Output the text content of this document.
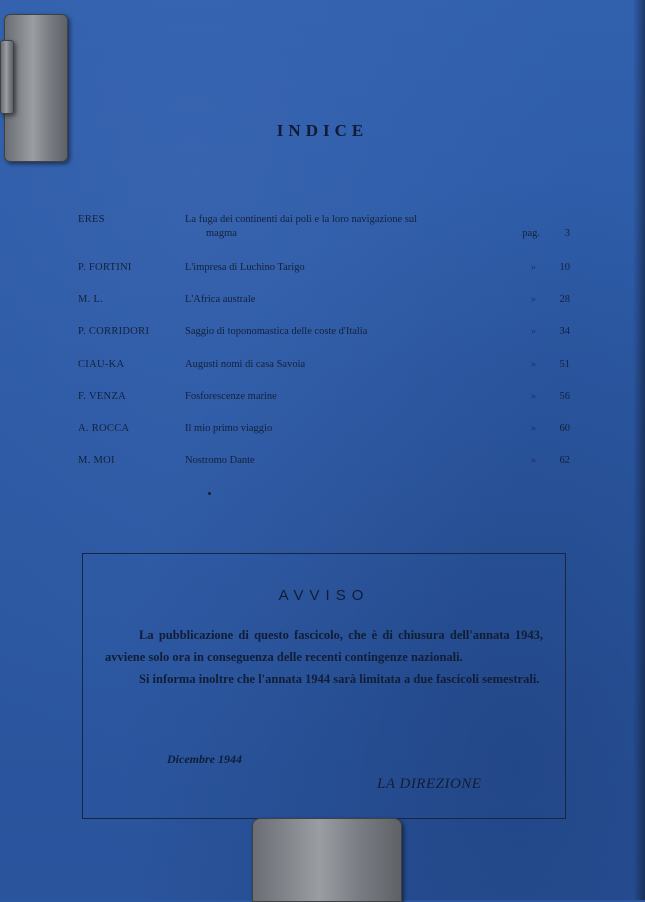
INDICE
ERES	La fuga dei continenti dai poli e la loro navigazione sul
magma	pag.	3
P. FORTINI	L'impresa di Luchino Tarigo	»	10
M. L.	L'Africa australe	»	28
P. CORRIDORI	Saggio di toponomastica delle coste d'Italia	»	34
CIAU-KA	Augusti nomi di casa Savoia	»	51
F. VENZA	Fosforescenze marine	»	56
A. ROCCA	Il mio primo viaggio	»	60
M. MOI	Nostromo Dante	»	62
AVVISO

La pubblicazione di questo fascicolo, che è di chiusura dell'annata 1943, avviene solo ora in conseguenza delle recenti contingenze nazionali.

Si informa inoltre che l'annata 1944 sarà limitata a due fascicoli semestrali.

Dicembre 1944
LA DIREZIONE
